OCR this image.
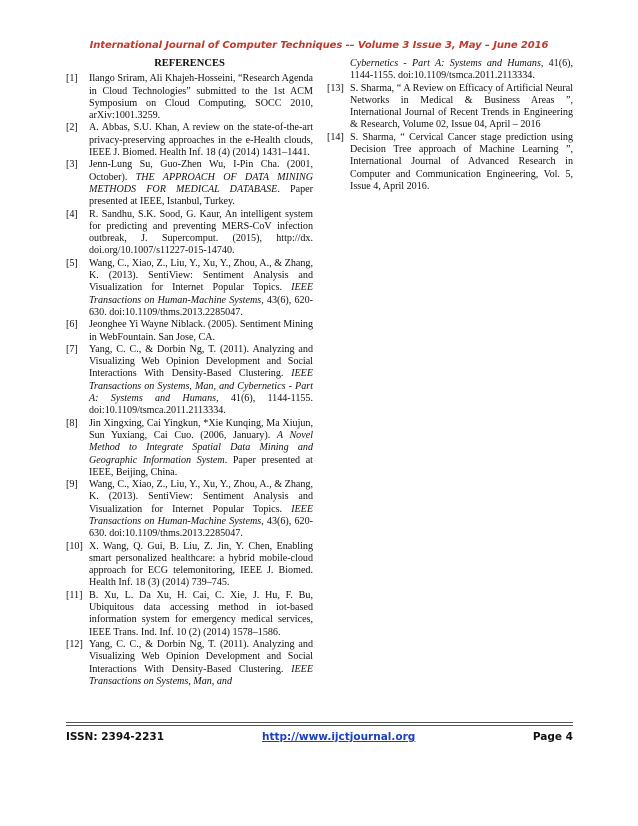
International Journal of Computer Techniques -– Volume 3 Issue 3, May – June 2016
REFERENCES
[1]	Ilango Sriram, Ali Khajeh-Hosseini, “Research Agenda in Cloud Technologies” submitted to the 1st ACM Symposium on Cloud Computing, SOCC 2010, arXiv:1001.3259.
[2]	A. Abbas, S.U. Khan, A review on the state-of-the-art privacy-preserving approaches in the e-Health clouds, IEEE J. Biomed. Health Inf. 18 (4) (2014) 1431–1441.
[3]	Jenn-Lung Su, Guo-Zhen Wu, I-Pin Cha. (2001, October). THE APPROACH OF DATA MINING METHODS FOR MEDICAL DATABASE. Paper presented at IEEE, Istanbul, Turkey.
[4]	R. Sandhu, S.K. Sood, G. Kaur, An intelligent system for predicting and preventing MERS-CoV infection outbreak, J. Supercomput. (2015), http://dx. doi.org/10.1007/s11227-015-14740.
[5]	Wang, C., Xiao, Z., Liu, Y., Xu, Y., Zhou, A., & Zhang, K. (2013). SentiView: Sentiment Analysis and Visualization for Internet Popular Topics. IEEE Transactions on Human-Machine Systems, 43(6), 620-630. doi:10.1109/thms.2013.2285047.
[6]	Jeonghee Yi Wayne Niblack. (2005). Sentiment Mining in WebFountain. San Jose, CA.
[7]	Yang, C. C., & Dorbin Ng, T. (2011). Analyzing and Visualizing Web Opinion Development and Social Interactions With Density-Based Clustering. IEEE Transactions on Systems, Man, and Cybernetics - Part A: Systems and Humans, 41(6), 1144-1155. doi:10.1109/tsmca.2011.2113334.
[8]	Jin Xingxing, Cai Yingkun, *Xie Kunqing, Ma Xiujun, Sun Yuxiang, Cai Cuo. (2006, January). A Novel Method to Integrate Spatial Data Mining and Geographic Information System. Paper presented at IEEE, Beijing, China.
[9]	Wang, C., Xiao, Z., Liu, Y., Xu, Y., Zhou, A., & Zhang, K. (2013). SentiView: Sentiment Analysis and Visualization for Internet Popular Topics. IEEE Transactions on Human-Machine Systems, 43(6), 620-630. doi:10.1109/thms.2013.2285047.
[10] X. Wang, Q. Gui, B. Liu, Z. Jin, Y. Chen, Enabling smart personalized healthcare: a hybrid mobile-cloud approach for ECG telemonitoring, IEEE J. Biomed. Health Inf. 18 (3) (2014) 739–745.
[11] B. Xu, L. Da Xu, H. Cai, C. Xie, J. Hu, F. Bu, Ubiquitous data accessing method in iot-based information system for emergency medical services, IEEE Trans. Ind. Inf. 10 (2) (2014) 1578–1586.
[12] Yang, C. C., & Dorbin Ng, T. (2011). Analyzing and Visualizing Web Opinion Development and Social Interactions With Density-Based Clustering. IEEE Transactions on Systems, Man, and
Cybernetics - Part A: Systems and Humans, 41(6), 1144-1155. doi:10.1109/tsmca.2011.2113334.
[13] S. Sharma, “ A Review on Efficacy of Artificial Neural Networks in Medical & Business Areas ”, International Journal of Recent Trends in Engineering & Research, Volume 02, Issue 04, April – 2016
[14] S. Sharma, “ Cervical Cancer stage prediction using Decision Tree approach of Machine Learning ”, International Journal of Advanced Research in Computer and Communication Engineering, Vol. 5, Issue 4, April 2016.
ISSN: 2394-2231	http://www.ijctjournal.org	Page 4
